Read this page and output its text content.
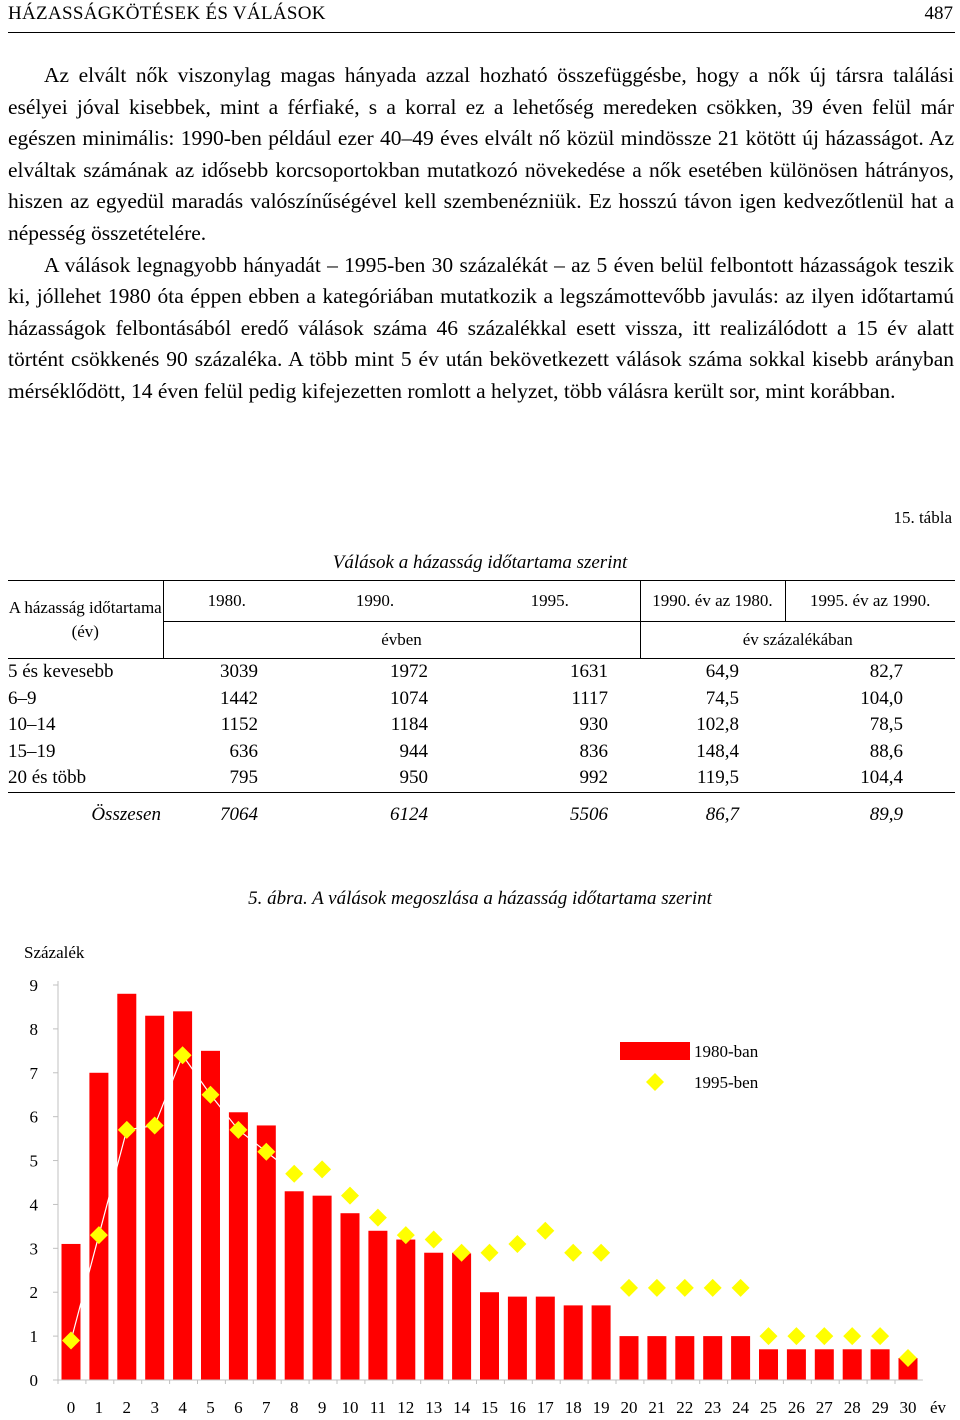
HÁZASSÁGKÖTÉSEK ÉS VÁLÁSOK	487

Az elvált nők viszonylag magas hányada azzal hozható összefüggésbe, hogy a nők új társra találási esélyei jóval kisebbek, mint a férfiaké, s a korral ez a lehetőség meredeken csökken, 39 éven felül már egészen minimális: 1990-ben például ezer 40–49 éves elvált nő közül mindössze 21 kötött új házasságot. Az elváltak számának az idősebb korcsoportokban mutatkozó növekedése a nők esetében különösen hátrányos, hiszen az egyedül maradás valószínűségével kell szembenézniük. Ez hosszú távon igen kedvezőtlenül hat a népesség összetételére.

A válások legnagyobb hányadát – 1995-ben 30 százalékát – az 5 éven belül felbontott házasságok teszik ki, jóllehet 1980 óta éppen ebben a kategóriában mutatkozik a legszámottevőbb javulás: az ilyen időtartamú házasságok felbontásából eredő válások száma 46 százalékkal esett vissza, itt realizálódott a 15 év alatt történt csökkenés 90 százaléka. A több mint 5 év után bekövetkezett válások száma sokkal kisebb arányban mérséklődött, 14 éven felül pedig kifejezetten romlott a helyzet, több válásra került sor, mint korábban.

15. tábla
Válások a házasság időtartama szerint
A házasság időtartama (év)	1980.	1990.	1995.	1990. év az 1980.	1995. év az 1990.
	évben			év százalékában	
5 és kevesebb	3039	1972	1631	64,9	82,7
6–9	1442	1074	1117	74,5	104,0
10–14	1152	1184	930	102,8	78,5
15–19	636	944	836	148,4	88,6
20 és több	795	950	992	119,5	104,4
Összesen	7064	6124	5506	86,7	89,9
5. ábra. A válások megoszlása a házasság időtartama szerint
Százalék
év
0
1
2
3
4
5
6
7
8
9
0 1 2 3 4 5 6 7 8 9 10 11 12 13 14 15 16 17 18 19 20 21 22 23 24 25 26 27 28 29 30
1980-ban
1995-ben
